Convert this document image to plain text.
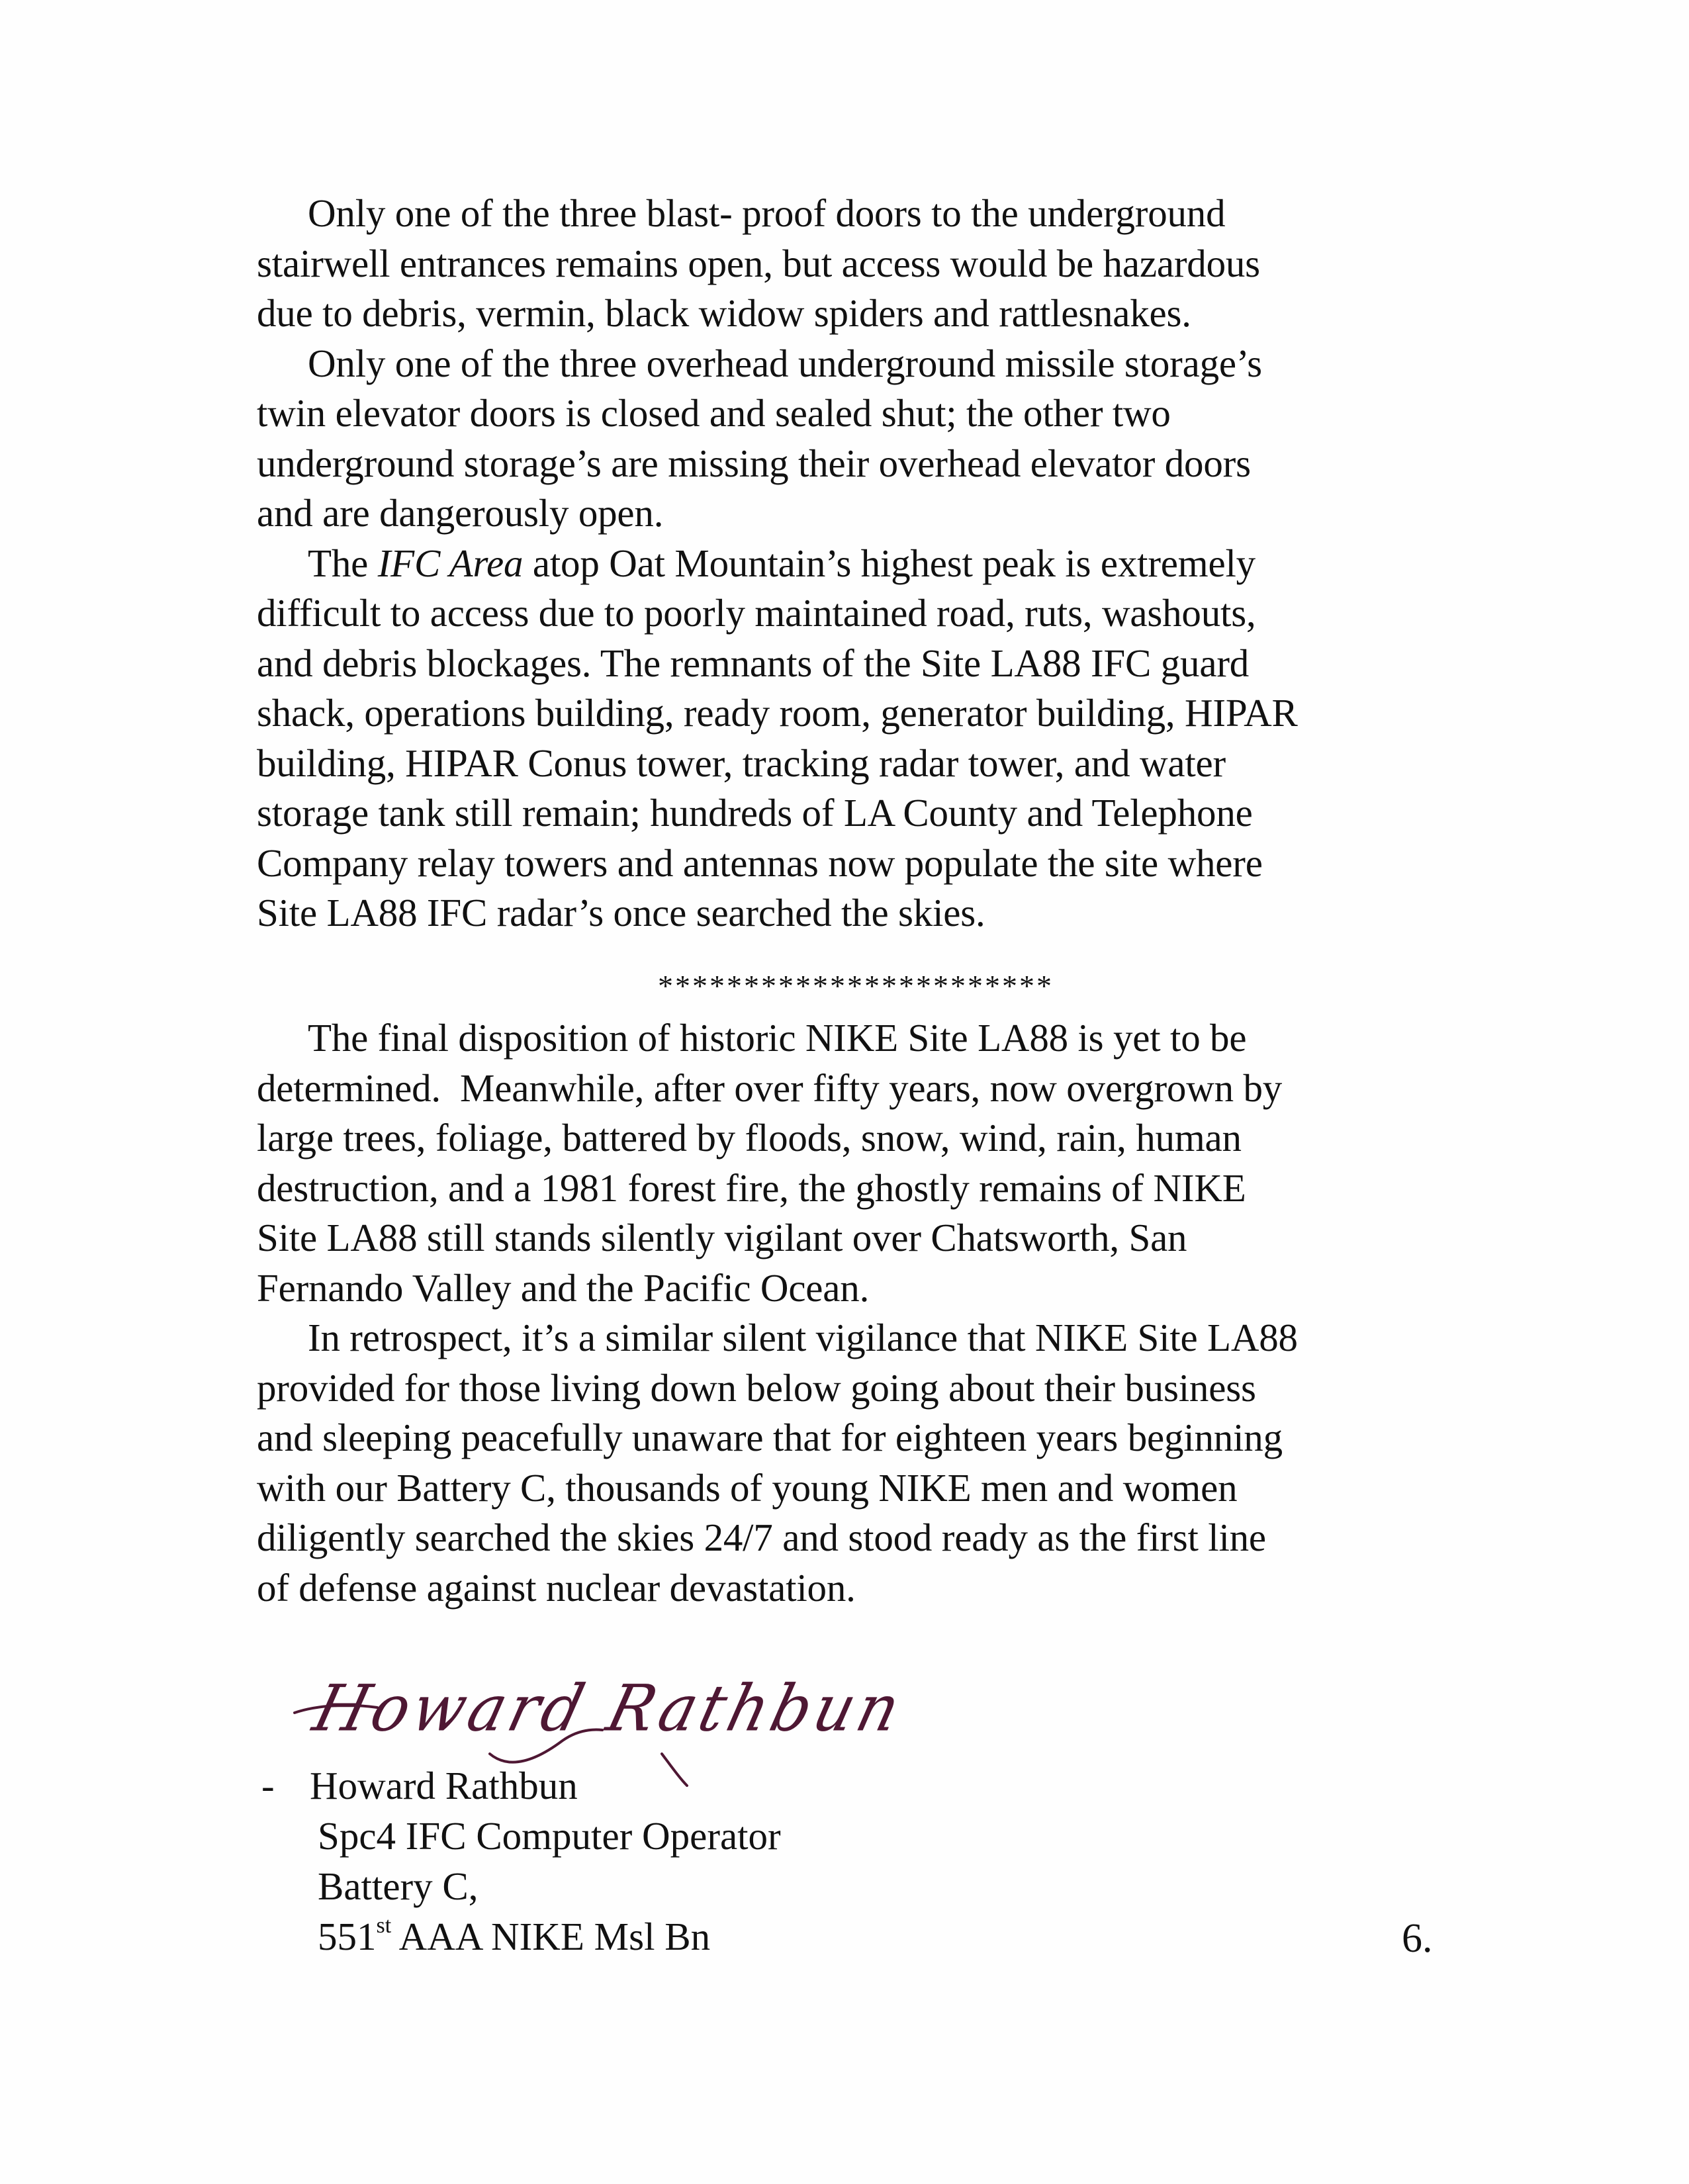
Only one of the three blast- proof doors to the underground
stairwell entrances remains open, but access would be hazardous
due to debris, vermin, black widow spiders and rattlesnakes.
Only one of the three overhead underground missile storage’s
twin elevator doors is closed and sealed shut; the other two
underground storage’s are missing their overhead elevator doors
and are dangerously open.
The IFC Area atop Oat Mountain’s highest peak is extremely
difficult to access due to poorly maintained road, ruts, washouts,
and debris blockages. The remnants of the Site LA88 IFC guard
shack, operations building, ready room, generator building, HIPAR
building, HIPAR Conus tower, tracking radar tower, and water
storage tank still remain; hundreds of LA County and Telephone
Company relay towers and antennas now populate the site where
Site LA88 IFC radar’s once searched the skies.
***********************
The final disposition of historic NIKE Site LA88 is yet to be
determined.  Meanwhile, after over fifty years, now overgrown by
large trees, foliage, battered by floods, snow, wind, rain, human
destruction, and a 1981 forest fire, the ghostly remains of NIKE
Site LA88 still stands silently vigilant over Chatsworth, San
Fernando Valley and the Pacific Ocean.
In retrospect, it’s a similar silent vigilance that NIKE Site LA88
provided for those living down below going about their business
and sleeping peacefully unaware that for eighteen years beginning
with our Battery C, thousands of young NIKE men and women
diligently searched the skies 24/7 and stood ready as the first line
of defense against nuclear devastation.
Howard Rathbun
- Howard Rathbun
Spc4 IFC Computer Operator
Battery C,
551st AAA NIKE Msl Bn	6.
